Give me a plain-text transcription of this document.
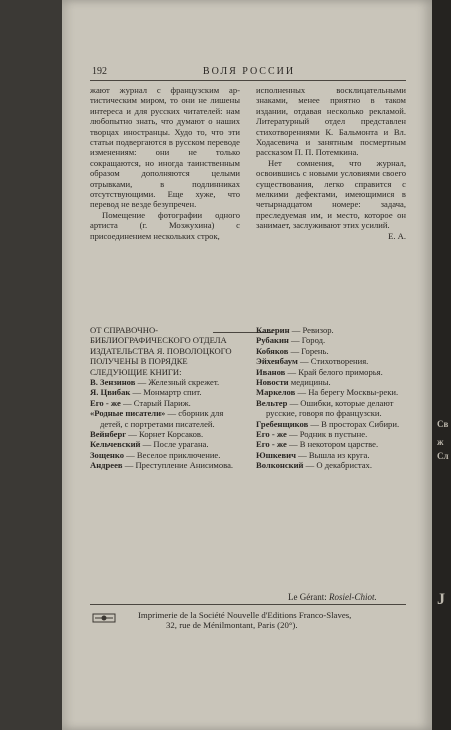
Св
ж
Сл
J
192	ВОЛЯ РОССИИ

жают журнал с французским ар-тистическим миром, то они не лишены интереса и для русских читателей: нам любопытно знать, что думают о наших творцах иностранцы. Худо то, что эти статьи подвергаются в русском переводе изменениям: они не только сокращаются, но иногда таинственным образом дополняются целыми отрывками, в подлинниках отсутствующими. Еще хуже, что перевод не везде безупречен.

Помещение фотографии одного артиста (г. Мозжухина) с присоединением нескольких строк,

исполненных восклицательными знаками, менее приятно в таком издании, отдавая несколько рекламой. Литературный отдел представлен стихотворениями К. Бальмонта и Вл. Ходасевича и занятным посмертным рассказом П. П. Потемкина.

Нет сомнения, что журнал, освоившись с новыми условиями своего существования, легко справится с мелкими дефектами, имеющимися в четырнадцатом номере: задача, преследуемая им, и место, которое он занимает, заслуживают этих усилий.

Е. А.

ОТ СПРАВОЧНО-БИБЛИОГРАФИЧЕСКОГО ОТДЕЛА ИЗДАТЕЛЬСТВА Я. ПОВОЛОЦКОГО ПОЛУЧЕНЫ В ПОРЯДКЕ СЛЕДУЮЩИЕ КНИГИ:
В. Зензинов — Железный скрежет.
Я. Цвибак — Монмартр спит.
Его - же — Старый Париж.
«Родные писатели» — сборник для детей, с портретами писателей.
Вейнберг — Корнет Корсаков.
Кельчевский — После урагана.
Зощенко — Веселое приключение.
Андреев — Преступление Анисимова.
Каверин — Ревизор.
Рубакин — Город.
Кобяков — Горень.
Эйхенбаум — Стихотворения.
Иванов — Край белого приморья.
Новости медицины.
Маркелов — На берегу Москвы-реки.
Вельтер — Ошибки, которые делают русские, говоря по французски.
Гребенщиков — В просторах Сибири.
Его - же — Родник в пустыне.
Его - же — В некотором царстве.
Юшкевич — Вышла из круга.
Волконский — О декабристах.
Le Gérant: Rosiel-Chiot.
Imprimerie de la Société Nouvelle d'Editions Franco-Slaves,
32, rue de Ménilmontant, Paris (20°).
